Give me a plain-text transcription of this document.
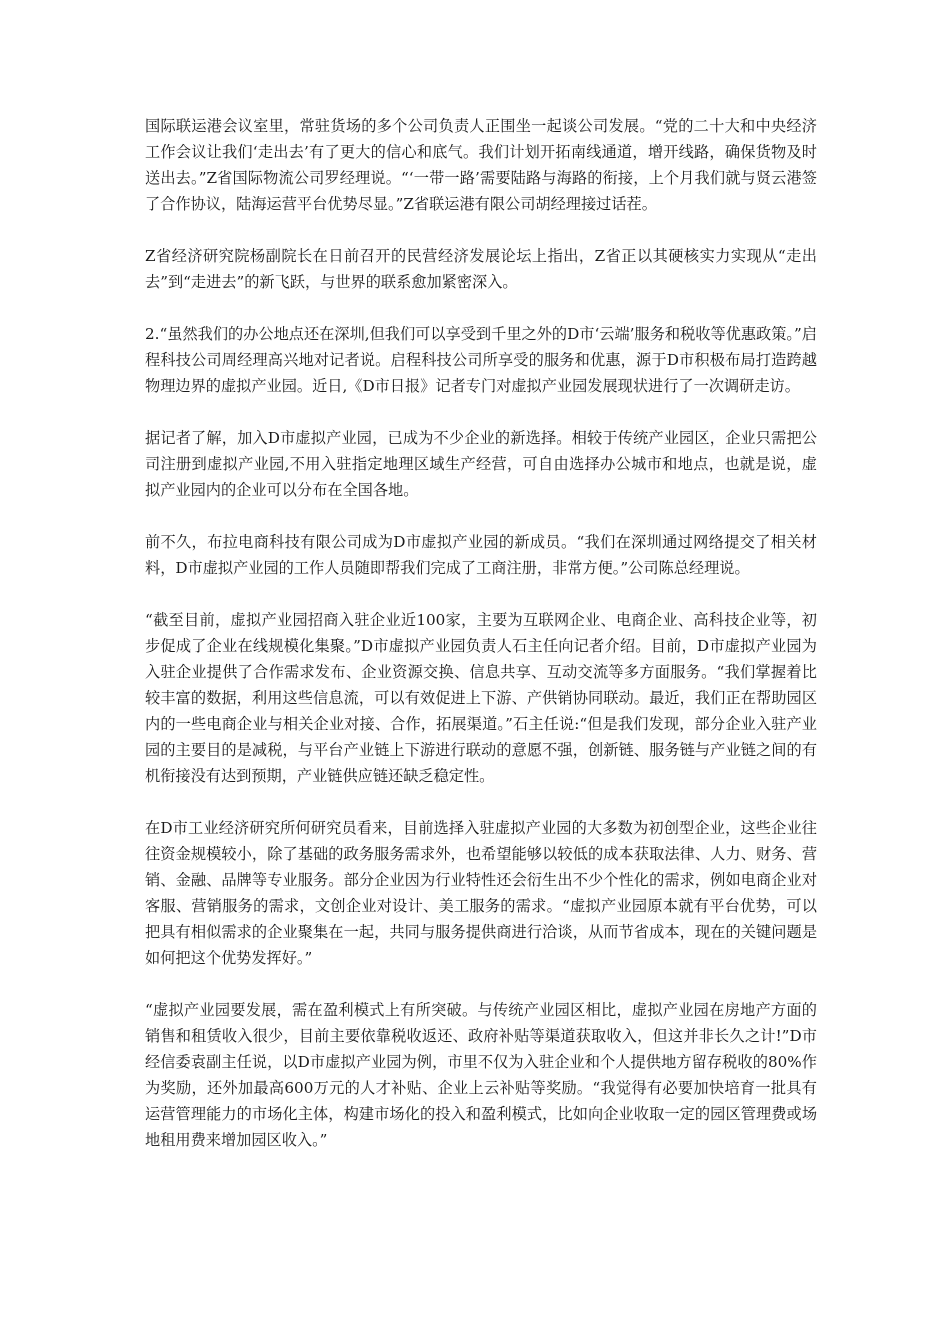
国际联运港会议室里，常驻货场的多个公司负责人正围坐一起谈公司发展。“党的二十大和中央经济工作会议让我们‘走出去’有了更大的信心和底气。我们计划开拓南线通道，增开线路，确保货物及时送出去。”Z省国际物流公司罗经理说。“‘一带一路’需要陆路与海路的衔接，上个月我们就与贤云港签了合作协议，陆海运营平台优势尽显。”Z省联运港有限公司胡经理接过话茬。

Z省经济研究院杨副院长在日前召开的民营经济发展论坛上指出，Z省正以其硬核实力实现从“走出去”到“走进去”的新飞跃，与世界的联系愈加紧密深入。

2.“虽然我们的办公地点还在深圳,但我们可以享受到千里之外的D市‘云端’服务和税收等优惠政策。”启程科技公司周经理高兴地对记者说。启程科技公司所享受的服务和优惠，源于D市积极布局打造跨越物理边界的虚拟产业园。近日,《D市日报》记者专门对虚拟产业园发展现状进行了一次调研走访。

据记者了解，加入D市虚拟产业园，已成为不少企业的新选择。相较于传统产业园区，企业只需把公司注册到虚拟产业园,不用入驻指定地理区域生产经营，可自由选择办公城市和地点，也就是说，虚拟产业园内的企业可以分布在全国各地。

前不久，布拉电商科技有限公司成为D市虚拟产业园的新成员。“我们在深圳通过网络提交了相关材料，D市虚拟产业园的工作人员随即帮我们完成了工商注册，非常方便。”公司陈总经理说。

“截至目前，虚拟产业园招商入驻企业近100家，主要为互联网企业、电商企业、高科技企业等，初步促成了企业在线规模化集聚。”D市虚拟产业园负责人石主任向记者介绍。目前，D市虚拟产业园为入驻企业提供了合作需求发布、企业资源交换、信息共享、互动交流等多方面服务。“我们掌握着比较丰富的数据，利用这些信息流，可以有效促进上下游、产供销协同联动。最近，我们正在帮助园区内的一些电商企业与相关企业对接、合作，拓展渠道。”石主任说:“但是我们发现，部分企业入驻产业园的主要目的是减税，与平台产业链上下游进行联动的意愿不强，创新链、服务链与产业链之间的有机衔接没有达到预期，产业链供应链还缺乏稳定性。

在D市工业经济研究所何研究员看来，目前选择入驻虚拟产业园的大多数为初创型企业，这些企业往往资金规模较小，除了基础的政务服务需求外，也希望能够以较低的成本获取法律、人力、财务、营销、金融、品牌等专业服务。部分企业因为行业特性还会衍生出不少个性化的需求，例如电商企业对客服、营销服务的需求，文创企业对设计、美工服务的需求。“虚拟产业园原本就有平台优势，可以把具有相似需求的企业聚集在一起，共同与服务提供商进行洽谈，从而节省成本，现在的关键问题是如何把这个优势发挥好。”

“虚拟产业园要发展，需在盈利模式上有所突破。与传统产业园区相比，虚拟产业园在房地产方面的销售和租赁收入很少，目前主要依靠税收返还、政府补贴等渠道获取收入，但这并非长久之计!”D市经信委袁副主任说，以D市虚拟产业园为例，市里不仅为入驻企业和个人提供地方留存税收的80%作为奖励，还外加最高600万元的人才补贴、企业上云补贴等奖励。“我觉得有必要加快培育一批具有运营管理能力的市场化主体，构建市场化的投入和盈利模式，比如向企业收取一定的园区管理费或场地租用费来增加园区收入。”
